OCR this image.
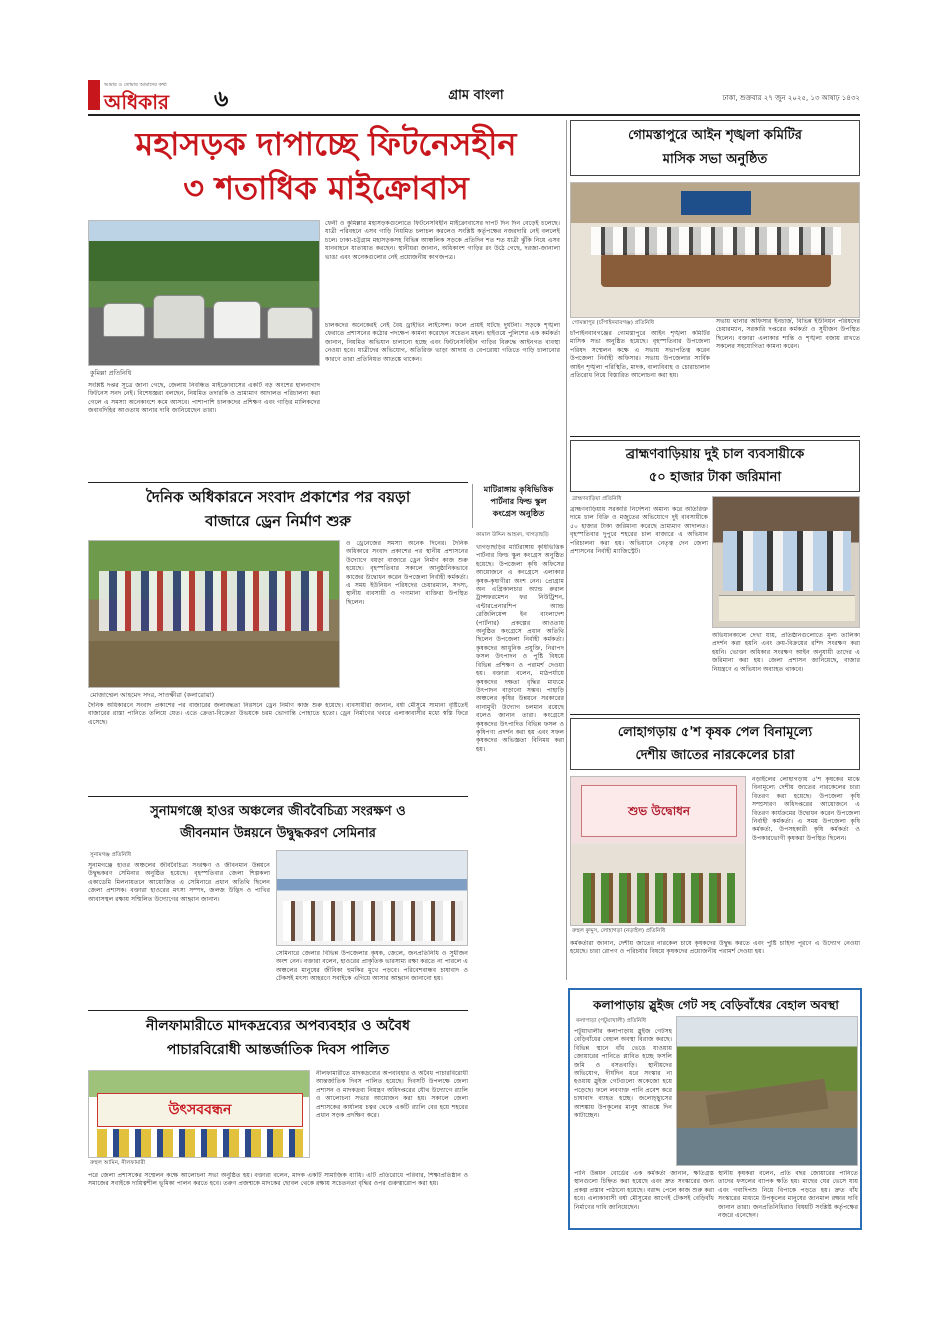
আমার ও তোমার আমাদের কথা
অধিকার ৬	গ্রাম বাংলা	ঢাকা, শুক্রবার ২৭ জুন ২০২৫, ১৩ আষাঢ় ১৪৩২
মহাসড়ক দাপাচ্ছে ফিটনেসহীন
৩ শতাধিক মাইক্রোবাস
কুমিল্লা প্রতিনিধি
ফেনী ও কুমিল্লার মহাসড়কগুলোতে ফিটনেসবিহীন মাইক্রোবাসের দাপট দিন দিন বেড়েই চলেছে। যাত্রী পরিবহনে এসব গাড়ি নিয়মিত চলাচল করলেও সংশ্লিষ্ট কর্তৃপক্ষের নজরদারি নেই বললেই চলে। ঢাকা-চট্টগ্রাম মহাসড়কসহ বিভিন্ন আঞ্চলিক সড়কে প্রতিদিন শত শত যাত্রী ঝুঁকি নিয়ে এসব যানবাহনে যাতায়াত করছেন। স্থানীয়রা জানান, অধিকাংশ গাড়ির রং উঠে গেছে, দরজা-জানালা ভাঙা এবং অনেকগুলোর নেই প্রয়োজনীয় কাগজপত্র।
চালকদের অনেকেরই নেই বৈধ ড্রাইভিং লাইসেন্স। ফলে প্রায়ই ঘটছে দুর্ঘটনা। সড়কে শৃঙ্খলা ফেরাতে প্রশাসনের কঠোর পদক্ষেপ কামনা করেছেন সচেতন মহল। হাইওয়ে পুলিশের এক কর্মকর্তা জানান, নিয়মিত অভিযান চালানো হচ্ছে এবং ফিটনেসবিহীন গাড়ির বিরুদ্ধে আইনগত ব্যবস্থা নেওয়া হবে। যাত্রীদের অভিযোগ, অতিরিক্ত ভাড়া আদায় ও বেপরোয়া গতিতে গাড়ি চালানোর কারণে তারা প্রতিনিয়ত আতঙ্কে থাকেন।
সংশ্লিষ্ট দপ্তর সূত্রে জানা গেছে, জেলায় নিবন্ধিত মাইক্রোবাসের একটি বড় অংশের হালনাগাদ ফিটনেস সনদ নেই। বিশেষজ্ঞরা বলছেন, নিয়মিত তদারকি ও ভ্রাম্যমাণ আদালত পরিচালনা করা গেলে এ সমস্যা অনেকাংশে কমে আসবে। পাশাপাশি চালকদের প্রশিক্ষণ এবং গাড়ির মালিকদের জবাবদিহির আওতায় আনার দাবি জানিয়েছেন তারা।
দৈনিক অধিকারনে সংবাদ প্রকাশের পর বয়ড়া
বাজারে ড্রেন নির্মাণ শুরু
মোজাম্মেল আহমেদ সদর, সাতক্ষীরা (কলারোয়া)
ও ড্রেনেজের সমস্যা অনেক দিনের। দৈনিক অধিকারে সংবাদ প্রকাশের পর স্থানীয় প্রশাসনের উদ্যোগে বয়ড়া বাজারে ড্রেন নির্মাণ কাজ শুরু হয়েছে। বৃহস্পতিবার সকালে আনুষ্ঠানিকভাবে কাজের উদ্বোধন করেন উপজেলা নির্বাহী কর্মকর্তা। এ সময় ইউনিয়ন পরিষদের চেয়ারম্যান, সদস্য, স্থানীয় ব্যবসায়ী ও গণ্যমান্য ব্যক্তিরা উপস্থিত ছিলেন।
দৈনিক অধিকারনে সংবাদ প্রকাশের পর বাজারের জলাবদ্ধতা নিরসনে ড্রেন নির্মাণ কাজ শুরু হয়েছে। ব্যবসায়ীরা জানান, বর্ষা মৌসুমে সামান্য বৃষ্টিতেই বাজারের রাস্তা পানিতে তলিয়ে যেত। এতে ক্রেতা-বিক্রেতা উভয়কে চরম ভোগান্তি পোহাতে হতো। ড্রেন নির্মাণের খবরে এলাকাবাসীর মধ্যে স্বস্তি ফিরে এসেছে।
মাটিরাঙ্গায় কৃষিভিত্তিক
পার্টনার ফিল্ড স্কুল
কংগ্রেস অনুষ্ঠিত
কামাল উদ্দিন আহমদ, খাগড়াছড়ি
খাগড়াছড়ির মাটিরাঙ্গায় কৃষিভিত্তিক পার্টনার ফিল্ড স্কুল কংগ্রেস অনুষ্ঠিত হয়েছে। উপজেলা কৃষি অফিসের আয়োজনে এ কংগ্রেসে এলাকার কৃষক-কৃষাণীরা অংশ নেন। প্রোগ্রাম অন এগ্রিকালচার অ্যান্ড রুরাল ট্রান্সফরমেশন ফর নিউট্রিশন, এন্টারপ্রেনারশিপ অ্যান্ড রেজিলিয়েন্স ইন বাংলাদেশ (পার্টনার) প্রকল্পের আওতায় অনুষ্ঠিত কংগ্রেসে প্রধান অতিথি ছিলেন উপজেলা নির্বাহী কর্মকর্তা। কৃষকদের আধুনিক প্রযুক্তি, নিরাপদ ফসল উৎপাদন ও পুষ্টি বিষয়ে বিভিন্ন প্রশিক্ষণ ও পরামর্শ দেওয়া হয়। বক্তারা বলেন, মাঠপর্যায়ে কৃষকদের দক্ষতা বৃদ্ধির মাধ্যমে উৎপাদন বাড়ানো সম্ভব। পাহাড়ি অঞ্চলের কৃষির উন্নয়নে সরকারের নানামুখী উদ্যোগ চলমান রয়েছে বলেও জানান তারা। কংগ্রেসে কৃষকদের উৎপাদিত বিভিন্ন ফসল ও কৃষিপণ্য প্রদর্শন করা হয় এবং সফল কৃষকদের অভিজ্ঞতা বিনিময় করা হয়।
সুনামগঞ্জে হাওর অঞ্চলের জীববৈচিত্র্য সংরক্ষণ ও
জীবনমান উন্নয়নে উদ্বুদ্ধকরণ সেমিনার
সুনামগঞ্জ প্রতিনিধি
সুনামগঞ্জে হাওর অঞ্চলের জীববৈচিত্র্য সংরক্ষণ ও জীবনমান উন্নয়নে উদ্বুদ্ধকরণ সেমিনার অনুষ্ঠিত হয়েছে। বৃহস্পতিবার জেলা শিল্পকলা একাডেমি মিলনায়তনে আয়োজিত এ সেমিনারে প্রধান অতিথি ছিলেন জেলা প্রশাসক। বক্তারা হাওরের মৎস্য সম্পদ, জলজ উদ্ভিদ ও পাখির আবাসস্থল রক্ষায় সম্মিলিত উদ্যোগের আহ্বান জানান।
সেমিনারে জেলার বিভিন্ন উপজেলার কৃষক, জেলে, জনপ্রতিনিধি ও সুধীজন অংশ নেন। বক্তারা বলেন, হাওরের প্রাকৃতিক ভারসাম্য রক্ষা করতে না পারলে এ অঞ্চলের মানুষের জীবিকা হুমকির মুখে পড়বে। পরিবেশবান্ধব চাষাবাদ ও টেকসই মৎস্য আহরণে সবাইকে এগিয়ে আসার আহ্বান জানানো হয়।
নীলফামারীতে মাদকদ্রব্যের অপব্যবহার ও অবৈধ
পাচারবিরোধী আন্তর্জাতিক দিবস পালিত
উৎসববন্ধন
রুহুল আমিন, নীলফামারী
নীলফামারীতে মাদকদ্রব্যের অপব্যবহার ও অবৈধ পাচারবিরোধী আন্তর্জাতিক দিবস পালিত হয়েছে। দিবসটি উপলক্ষে জেলা প্রশাসন ও মাদকদ্রব্য নিয়ন্ত্রণ অধিদপ্তরের যৌথ উদ্যোগে র‍্যালি ও আলোচনা সভার আয়োজন করা হয়। সকালে জেলা প্রশাসকের কার্যালয় চত্বর থেকে একটি র‍্যালি বের হয়ে শহরের প্রধান সড়ক প্রদক্ষিণ করে।
পরে জেলা প্রশাসকের সম্মেলন কক্ষে আলোচনা সভা অনুষ্ঠিত হয়। বক্তারা বলেন, মাদক একটি সামাজিক ব্যাধি। এটি প্রতিরোধে পরিবার, শিক্ষাপ্রতিষ্ঠান ও সমাজের সবাইকে দায়িত্বশীল ভূমিকা পালন করতে হবে। তরুণ প্রজন্মকে মাদকের ছোবল থেকে রক্ষায় সচেতনতা বৃদ্ধির ওপর গুরুত্বারোপ করা হয়।
গোমস্তাপুরে আইন শৃঙ্খলা কমিটির
মাসিক সভা অনুষ্ঠিত
গোমস্তাপুর (চাঁপাইনবাবগঞ্জ) প্রতিনিধি
চাঁপাইনবাবগঞ্জের গোমস্তাপুরে আইন শৃঙ্খলা কমিটির মাসিক সভা অনুষ্ঠিত হয়েছে। বৃহস্পতিবার উপজেলা পরিষদ সম্মেলন কক্ষে এ সভায় সভাপতিত্ব করেন উপজেলা নির্বাহী অফিসার। সভায় উপজেলার সার্বিক আইন শৃঙ্খলা পরিস্থিতি, মাদক, বাল্যবিবাহ ও চোরাচালান প্রতিরোধ নিয়ে বিস্তারিত আলোচনা করা হয়।
সভায় থানার অফিসার ইনচার্জ, বিভিন্ন ইউনিয়ন পরিষদের চেয়ারম্যান, সরকারি দপ্তরের কর্মকর্তা ও সুধীজন উপস্থিত ছিলেন। বক্তারা এলাকার শান্তি ও শৃঙ্খলা বজায় রাখতে সকলের সহযোগিতা কামনা করেন।
ব্রাহ্মণবাড়িয়ায় দুই চাল ব্যবসায়ীকে
৫০ হাজার টাকা জরিমানা
ব্রাহ্মণবাড়িয়া প্রতিনিধি
ব্রাহ্মণবাড়িয়ায় সরকারি নির্দেশনা অমান্য করে অতিরিক্ত দামে চাল বিক্রি ও মজুতের অভিযোগে দুই ব্যবসায়ীকে ৫০ হাজার টাকা জরিমানা করেছে ভ্রাম্যমাণ আদালত। বৃহস্পতিবার দুপুরে শহরের চাল বাজারে এ অভিযান পরিচালনা করা হয়। অভিযানে নেতৃত্ব দেন জেলা প্রশাসনের নির্বাহী ম্যাজিস্ট্রেট।
অভিযানকালে দেখা যায়, প্রতিষ্ঠানগুলোতে মূল্য তালিকা প্রদর্শন করা হয়নি এবং ক্রয়-বিক্রয়ের রশিদ সংরক্ষণ করা হয়নি। ভোক্তা অধিকার সংরক্ষণ আইন অনুযায়ী তাদের এ জরিমানা করা হয়। জেলা প্রশাসন জানিয়েছে, বাজার নিয়ন্ত্রণে এ অভিযান অব্যাহত থাকবে।
লোহাগড়ায় ৫'শ কৃষক পেল বিনামূল্যে
দেশীয় জাতের নারকেলের চারা
শুভ উদ্বোধন
রুহুল কুদ্দুস, লোহাগড়া (নড়াইল) প্রতিনিধি
নড়াইলের লোহাগড়ায় ৫'শ কৃষকের মাঝে বিনামূল্যে দেশীয় জাতের নারকেলের চারা বিতরণ করা হয়েছে। উপজেলা কৃষি সম্প্রসারণ অধিদপ্তরের আয়োজনে এ বিতরণ কার্যক্রমের উদ্বোধন করেন উপজেলা নির্বাহী কর্মকর্তা। এ সময় উপজেলা কৃষি কর্মকর্তা, উপসহকারী কৃষি কর্মকর্তা ও উপকারভোগী কৃষকরা উপস্থিত ছিলেন।
কর্মকর্তারা জানান, দেশীয় জাতের নারকেল চাষে কৃষকদের উদ্বুদ্ধ করতে এবং পুষ্টি চাহিদা পূরণে এ উদ্যোগ নেওয়া হয়েছে। চারা রোপণ ও পরিচর্যার বিষয়ে কৃষকদের প্রয়োজনীয় পরামর্শ দেওয়া হয়।
কলাপাড়ায় স্লুইজ গেট সহ বেড়িবাঁধের বেহাল অবস্থা
কলাপাড়া (পটুয়াখালী) প্রতিনিধি
পটুয়াখালীর কলাপাড়ায় স্লুইজ গেটসহ বেড়িবাঁধের বেহাল অবস্থা বিরাজ করছে। বিভিন্ন স্থানে বাঁধ ভেঙে যাওয়ায় জোয়ারের পানিতে প্লাবিত হচ্ছে ফসলি জমি ও বসতবাড়ি। স্থানীয়দের অভিযোগ, দীর্ঘদিন ধরে সংস্কার না হওয়ায় স্লুইজ গেটগুলো অকেজো হয়ে পড়েছে। ফলে লবণাক্ত পানি প্রবেশ করে চাষাবাদ ব্যাহত হচ্ছে। জলোচ্ছ্বাসের আশঙ্কায় উপকূলের মানুষ আতঙ্কে দিন কাটাচ্ছেন।
পানি উন্নয়ন বোর্ডের এক কর্মকর্তা জানান, ক্ষতিগ্রস্ত স্থানগুলো চিহ্নিত করা হয়েছে এবং দ্রুত সংস্কারের জন্য প্রকল্প প্রস্তাব পাঠানো হয়েছে। বরাদ্দ পেলে কাজ শুরু করা হবে। এলাকাবাসী বর্ষা মৌসুমের আগেই টেকসই বেড়িবাঁধ নির্মাণের দাবি জানিয়েছেন।
স্থানীয় কৃষকরা বলেন, প্রতি বছর জোয়ারের পানিতে তাদের ফসলের ব্যাপক ক্ষতি হয়। মাছের ঘের ভেসে যায় এবং গবাদিপশু নিয়ে বিপাকে পড়তে হয়। দ্রুত বাঁধ সংস্কারের মাধ্যমে উপকূলের মানুষের জানমাল রক্ষার দাবি জানান তারা। জনপ্রতিনিধিরাও বিষয়টি সংশ্লিষ্ট কর্তৃপক্ষের নজরে এনেছেন।
